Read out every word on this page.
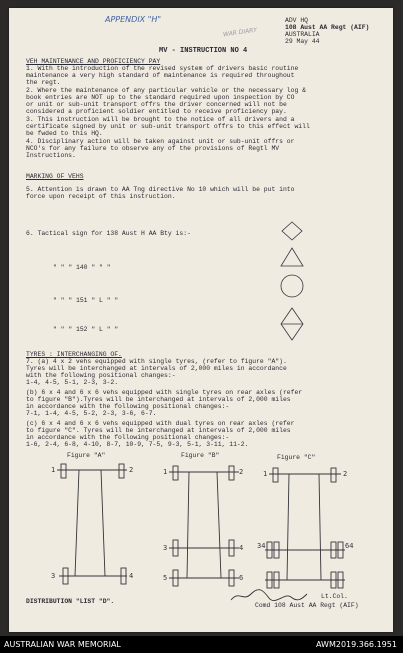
APPENDIX "H"
WAR DIARY
ADV HQ
108 Aust AA Regt (AIF)
AUSTRALIA
29 May 44
MV - INSTRUCTION NO 4
VEH MAINTENANCE AND PROFICIENCY PAY
1. With the introduction of the revised system of drivers basic routine
maintenance a very high standard of maintenance is required throughout
the regt.
2. Where the maintenance of any particular vehicle or the necessary log &
book entries are NOT up to the standard required upon inspection by CO
or unit or sub-unit transport offrs the driver concerned will not be
considered a proficient soldier entitled to receive proficiency pay.
3. This instruction will be brought to the notice of all drivers and a
certificate signed by unit or sub-unit transport offrs to this effect will
be fwded to this HQ.
4. Disciplinary action will be taken against unit or sub-unit offrs or
NCO's for any failure to observe any of the provisions of Regtl MV
Instructions.
MARKING OF VEHS
5. Attention is drawn to AA Tng directive No 10 which will be put into
force upon receipt of this instruction.
6. Tactical sign for 138 Aust H AA Bty is:-
" " " 140 " " "
" " " 151 " L " "
" " " 152 " L " "
TYRES : INTERCHANGING OF.
7. (a) 4 x 2 vehs equipped with single tyres, (refer to figure "A").
Tyres will be interchanged at intervals of 2,000 miles in accordance
with the following positional changes:-
1-4, 4-5, 5-1, 2-3, 3-2.
(b) 6 x 4 and 6 x 6 vehs equipped with single tyres on rear axles (refer
to figure "B").Tyres will be interchanged at intervals of 2,000 miles
in accordance with the following positional changes:-
7-1, 1-4, 4-5, 5-2, 2-3, 3-6, 6-7.
(c) 6 x 4 and 6 x 6 vehs equipped with dual tyres on rear axles (refer
to figure "C". Tyres will be interchanged at intervals of 2,000 miles
in accordance with the following positional changes:-
1-6, 2-4, 6-8, 4-10, 8-7, 10-9, 7-5, 9-3, 5-1, 3-11, 11-2.
Figure "A"	Figure "B"	Figure "C"
1	2
3	4
1	2
3	4
5	6
1	2
34	64
DISTRIBUTION "LIST "D".
Lt.Col.
Comd 108 Aust AA Regt (AIF)
AUSTRALIAN WAR MEMORIAL	AWM2019.366.1951
